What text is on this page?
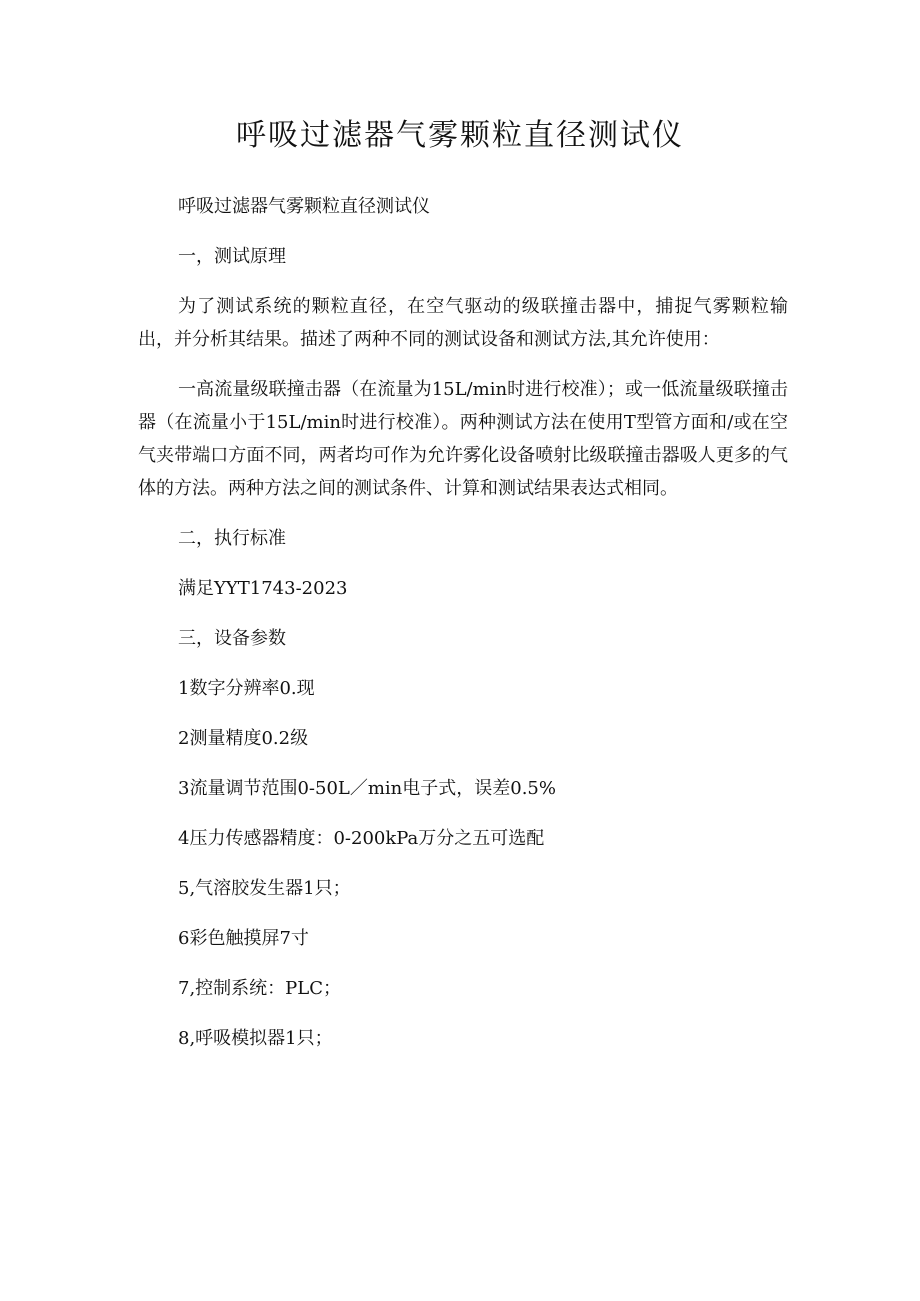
呼吸过滤器气雾颗粒直径测试仪

呼吸过滤器气雾颗粒直径测试仪

一，测试原理

为了测试系统的颗粒直径，在空气驱动的级联撞击器中，捕捉气雾颗粒输出，并分析其结果。描述了两种不同的测试设备和测试方法,其允许使用：

一高流量级联撞击器（在流量为15L/min时进行校准）；或一低流量级联撞击器（在流量小于15L/min时进行校准）。两种测试方法在使用T型管方面和/或在空气夹带端口方面不同，两者均可作为允许雾化设备喷射比级联撞击器吸人更多的气体的方法。两种方法之间的测试条件、计算和测试结果表达式相同。

二，执行标准

满足YYT1743-2023

三，设备参数

1数字分辨率0.现

2测量精度0.2级

3流量调节范围0-50L／min电子式，误差0.5%

4压力传感器精度：0-200kPa万分之五可选配

5,气溶胶发生器1只；

6彩色触摸屏7寸

7,控制系统：PLC；

8,呼吸模拟器1只；
